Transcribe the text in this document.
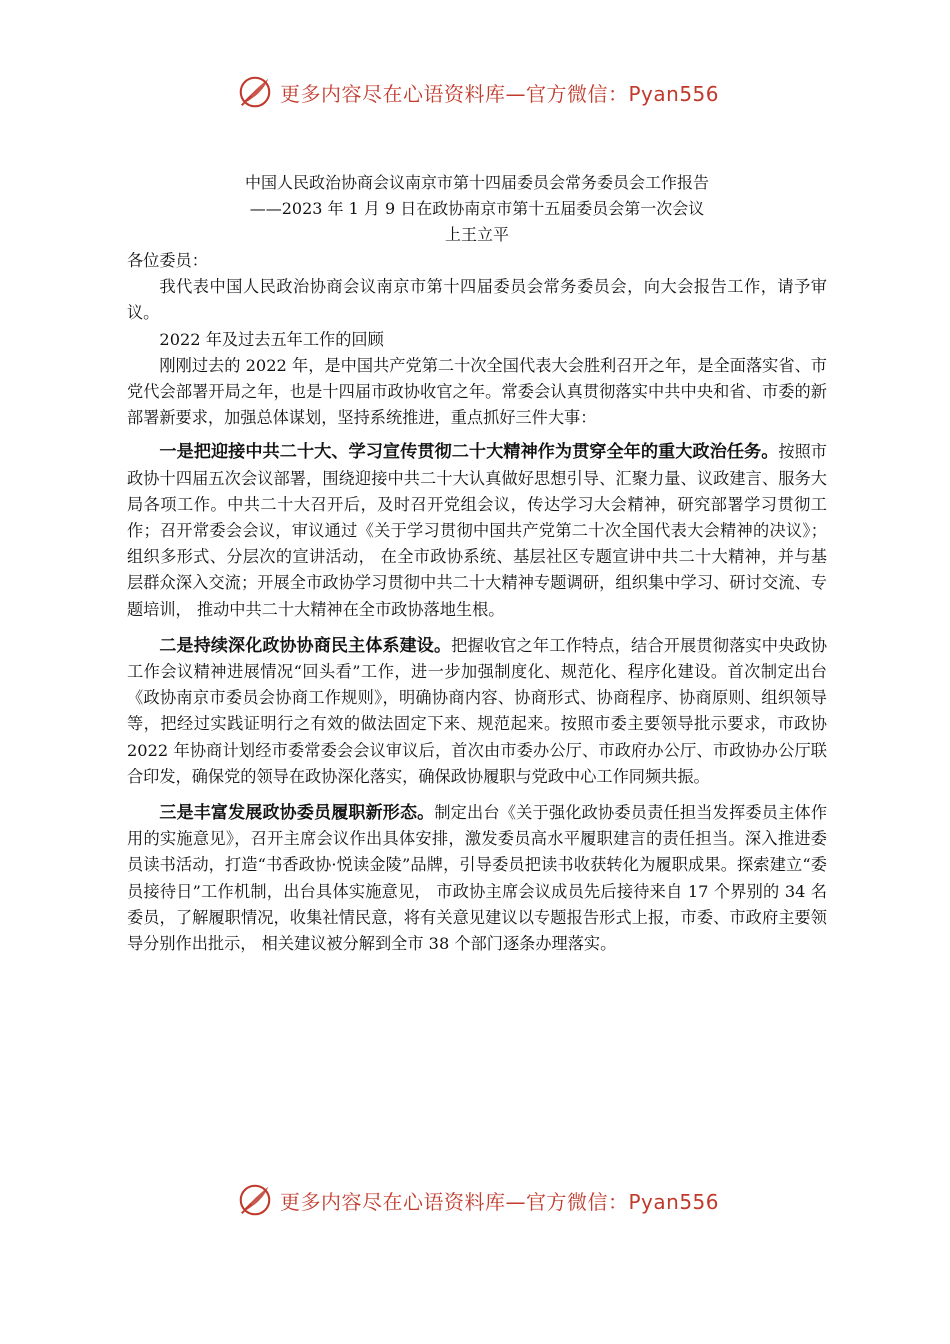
更多内容尽在心语资料库—官方微信：Pyan556

中国人民政治协商会议南京市第十四届委员会常务委员会工作报告

——2023 年 1 月 9 日在政协南京市第十五届委员会第一次会议

上王立平

各位委员：

我代表中国人民政治协商会议南京市第十四届委员会常务委员会，向大会报告工作，请予审议。

2022 年及过去五年工作的回顾

刚刚过去的 2022 年，是中国共产党第二十次全国代表大会胜利召开之年，是全面落实省、市党代会部署开局之年，也是十四届市政协收官之年。常委会认真贯彻落实中共中央和省、市委的新部署新要求，加强总体谋划，坚持系统推进，重点抓好三件大事：

一是把迎接中共二十大、学习宣传贯彻二十大精神作为贯穿全年的重大政治任务。按照市政协十四届五次会议部署，围绕迎接中共二十大认真做好思想引导、汇聚力量、议政建言、服务大局各项工作。中共二十大召开后，及时召开党组会议，传达学习大会精神，研究部署学习贯彻工作；召开常委会会议，审议通过《关于学习贯彻中国共产党第二十次全国代表大会精神的决议》；组织多形式、分层次的宣讲活动， 在全市政协系统、基层社区专题宣讲中共二十大精神，并与基层群众深入交流；开展全市政协学习贯彻中共二十大精神专题调研，组织集中学习、研讨交流、专题培训， 推动中共二十大精神在全市政协落地生根。

二是持续深化政协协商民主体系建设。把握收官之年工作特点，结合开展贯彻落实中央政协工作会议精神进展情况“回头看”工作，进一步加强制度化、规范化、程序化建设。首次制定出台《政协南京市委员会协商工作规则》，明确协商内容、协商形式、协商程序、协商原则、组织领导等，把经过实践证明行之有效的做法固定下来、规范起来。按照市委主要领导批示要求，市政协 2022 年协商计划经市委常委会会议审议后，首次由市委办公厅、市政府办公厅、市政协办公厅联合印发，确保党的领导在政协深化落实，确保政协履职与党政中心工作同频共振。

三是丰富发展政协委员履职新形态。制定出台《关于强化政协委员责任担当发挥委员主体作用的实施意见》，召开主席会议作出具体安排，激发委员高水平履职建言的责任担当。深入推进委员读书活动，打造“书香政协·悦读金陵”品牌，引导委员把读书收获转化为履职成果。探索建立“委员接待日”工作机制，出台具体实施意见， 市政协主席会议成员先后接待来自 17 个界别的 34 名委员，了解履职情况，收集社情民意，将有关意见建议以专题报告形式上报，市委、市政府主要领导分别作出批示， 相关建议被分解到全市 38 个部门逐条办理落实。

更多内容尽在心语资料库—官方微信：Pyan556
